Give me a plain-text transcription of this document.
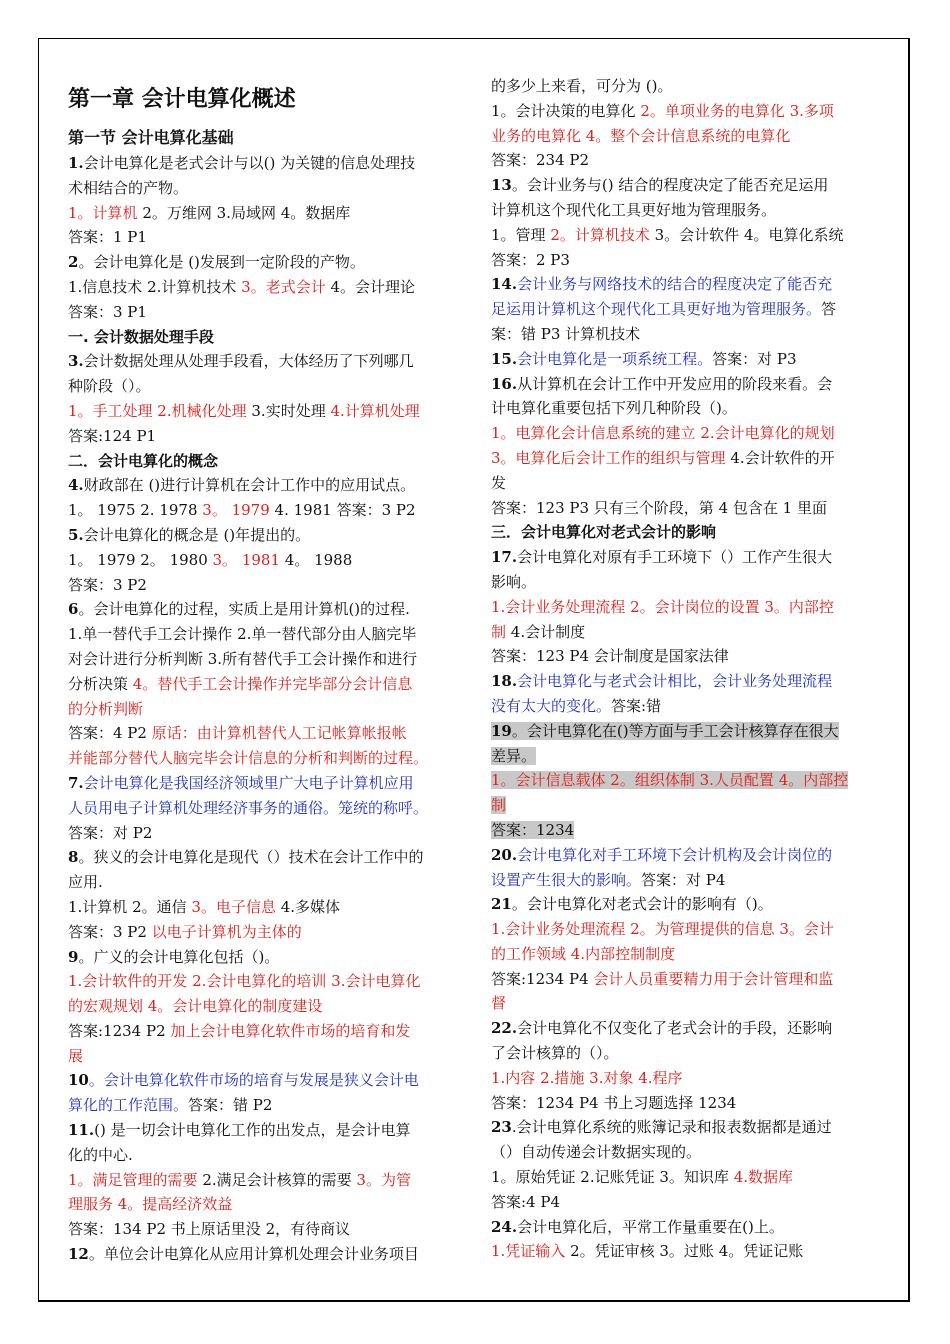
第一章 会计电算化概述
第一节 会计电算化基础
1.会计电算化是老式会计与以() 为关键的信息处理技
术相结合的产物。
1。计算机 2。万维网 3.局域网 4。数据库
答案：1 P1
2。会计电算化是 ()发展到一定阶段的产物。
1.信息技术 2.计算机技术 3。老式会计 4。会计理论
答案：3 P1
一. 会计数据处理手段
3.会计数据处理从处理手段看，大体经历了下列哪几
种阶段（）。
1。手工处理 2.机械化处理 3.实时处理 4.计算机处理
答案:124 P1
二．会计电算化的概念
4.财政部在 ()进行计算机在会计工作中的应用试点。
1。 1975 2. 1978 3。 1979 4. 1981 答案：3 P2
5.会计电算化的概念是 ()年提出的。
1。 1979 2。 1980 3。 1981 4。 1988
答案：3 P2
6。会计电算化的过程，实质上是用计算机()的过程.
1.单一替代手工会计操作 2.单一替代部分由人脑完毕
对会计进行分析判断 3.所有替代手工会计操作和进行
分析决策 4。替代手工会计操作并完毕部分会计信息
的分析判断
答案：4 P2 原话：由计算机替代人工记帐算帐报帐
并能部分替代人脑完毕会计信息的分析和判断的过程。
7.会计电算化是我国经济领域里广大电子计算机应用
人员用电子计算机处理经济事务的通俗。笼统的称呼。
答案：对 P2
8。狭义的会计电算化是现代（）技术在会计工作中的
应用.
1.计算机 2。通信 3。电子信息 4.多媒体
答案：3 P2 以电子计算机为主体的
9。广义的会计电算化包括（)。
1.会计软件的开发 2.会计电算化的培训 3.会计电算化
的宏观规划 4。会计电算化的制度建设
答案:1234 P2 加上会计电算化软件市场的培育和发
展
10。会计电算化软件市场的培育与发展是狭义会计电
算化的工作范围。答案：错 P2
11.() 是一切会计电算化工作的出发点，是会计电算
化的中心.
1。满足管理的需要 2.满足会计核算的需要 3。为管
理服务 4。提高经济效益
答案：134 P2 书上原话里没 2，有待商议
12。单位会计电算化从应用计算机处理会计业务项目
的多少上来看，可分为 ()。
1。会计决策的电算化 2。单项业务的电算化 3.多项
业务的电算化 4。整个会计信息系统的电算化
答案：234 P2
13。会计业务与() 结合的程度决定了能否充足运用
计算机这个现代化工具更好地为管理服务。
1。管理 2。计算机技术 3。会计软件 4。电算化系统
答案：2 P3
14.会计业务与网络技术的结合的程度决定了能否充
足运用计算机这个现代化工具更好地为管理服务。答
案：错 P3 计算机技术
15.会计电算化是一项系统工程。答案：对 P3
16.从计算机在会计工作中开发应用的阶段来看。会
计电算化重要包括下列几种阶段（)。
1。电算化会计信息系统的建立 2.会计电算化的规划
3。电算化后会计工作的组织与管理 4.会计软件的开
发
答案：123 P3 只有三个阶段，第 4 包含在 1 里面
三．会计电算化对老式会计的影响
17.会计电算化对原有手工环境下（）工作产生很大
影响。
1.会计业务处理流程 2。会计岗位的设置 3。内部控
制 4.会计制度
答案：123 P4 会计制度是国家法律
18.会计电算化与老式会计相比，会计业务处理流程
没有太大的变化。答案:错
19。会计电算化在()等方面与手工会计核算存在很大
差异。
1。会计信息载体 2。组织体制 3.人员配置 4。内部控
制
答案：1234
20.会计电算化对手工环境下会计机构及会计岗位的
设置产生很大的影响。答案：对 P4
21。会计电算化对老式会计的影响有（)。
1.会计业务处理流程 2。为管理提供的信息 3。会计
的工作领域 4.内部控制制度
答案:1234 P4 会计人员重要精力用于会计管理和监
督
22.会计电算化不仅变化了老式会计的手段，还影响
了会计核算的（）。
1.内容 2.措施 3.对象 4.程序
答案：1234 P4 书上习题选择 1234
23.会计电算化系统的账簿记录和报表数据都是通过
（）自动传递会计数据实现的。
1。原始凭证 2.记账凭证 3。知识库 4.数据库
答案:4 P4
24.会计电算化后，平常工作量重要在()上。
1.凭证输入 2。凭证审核 3。过账 4。凭证记账
